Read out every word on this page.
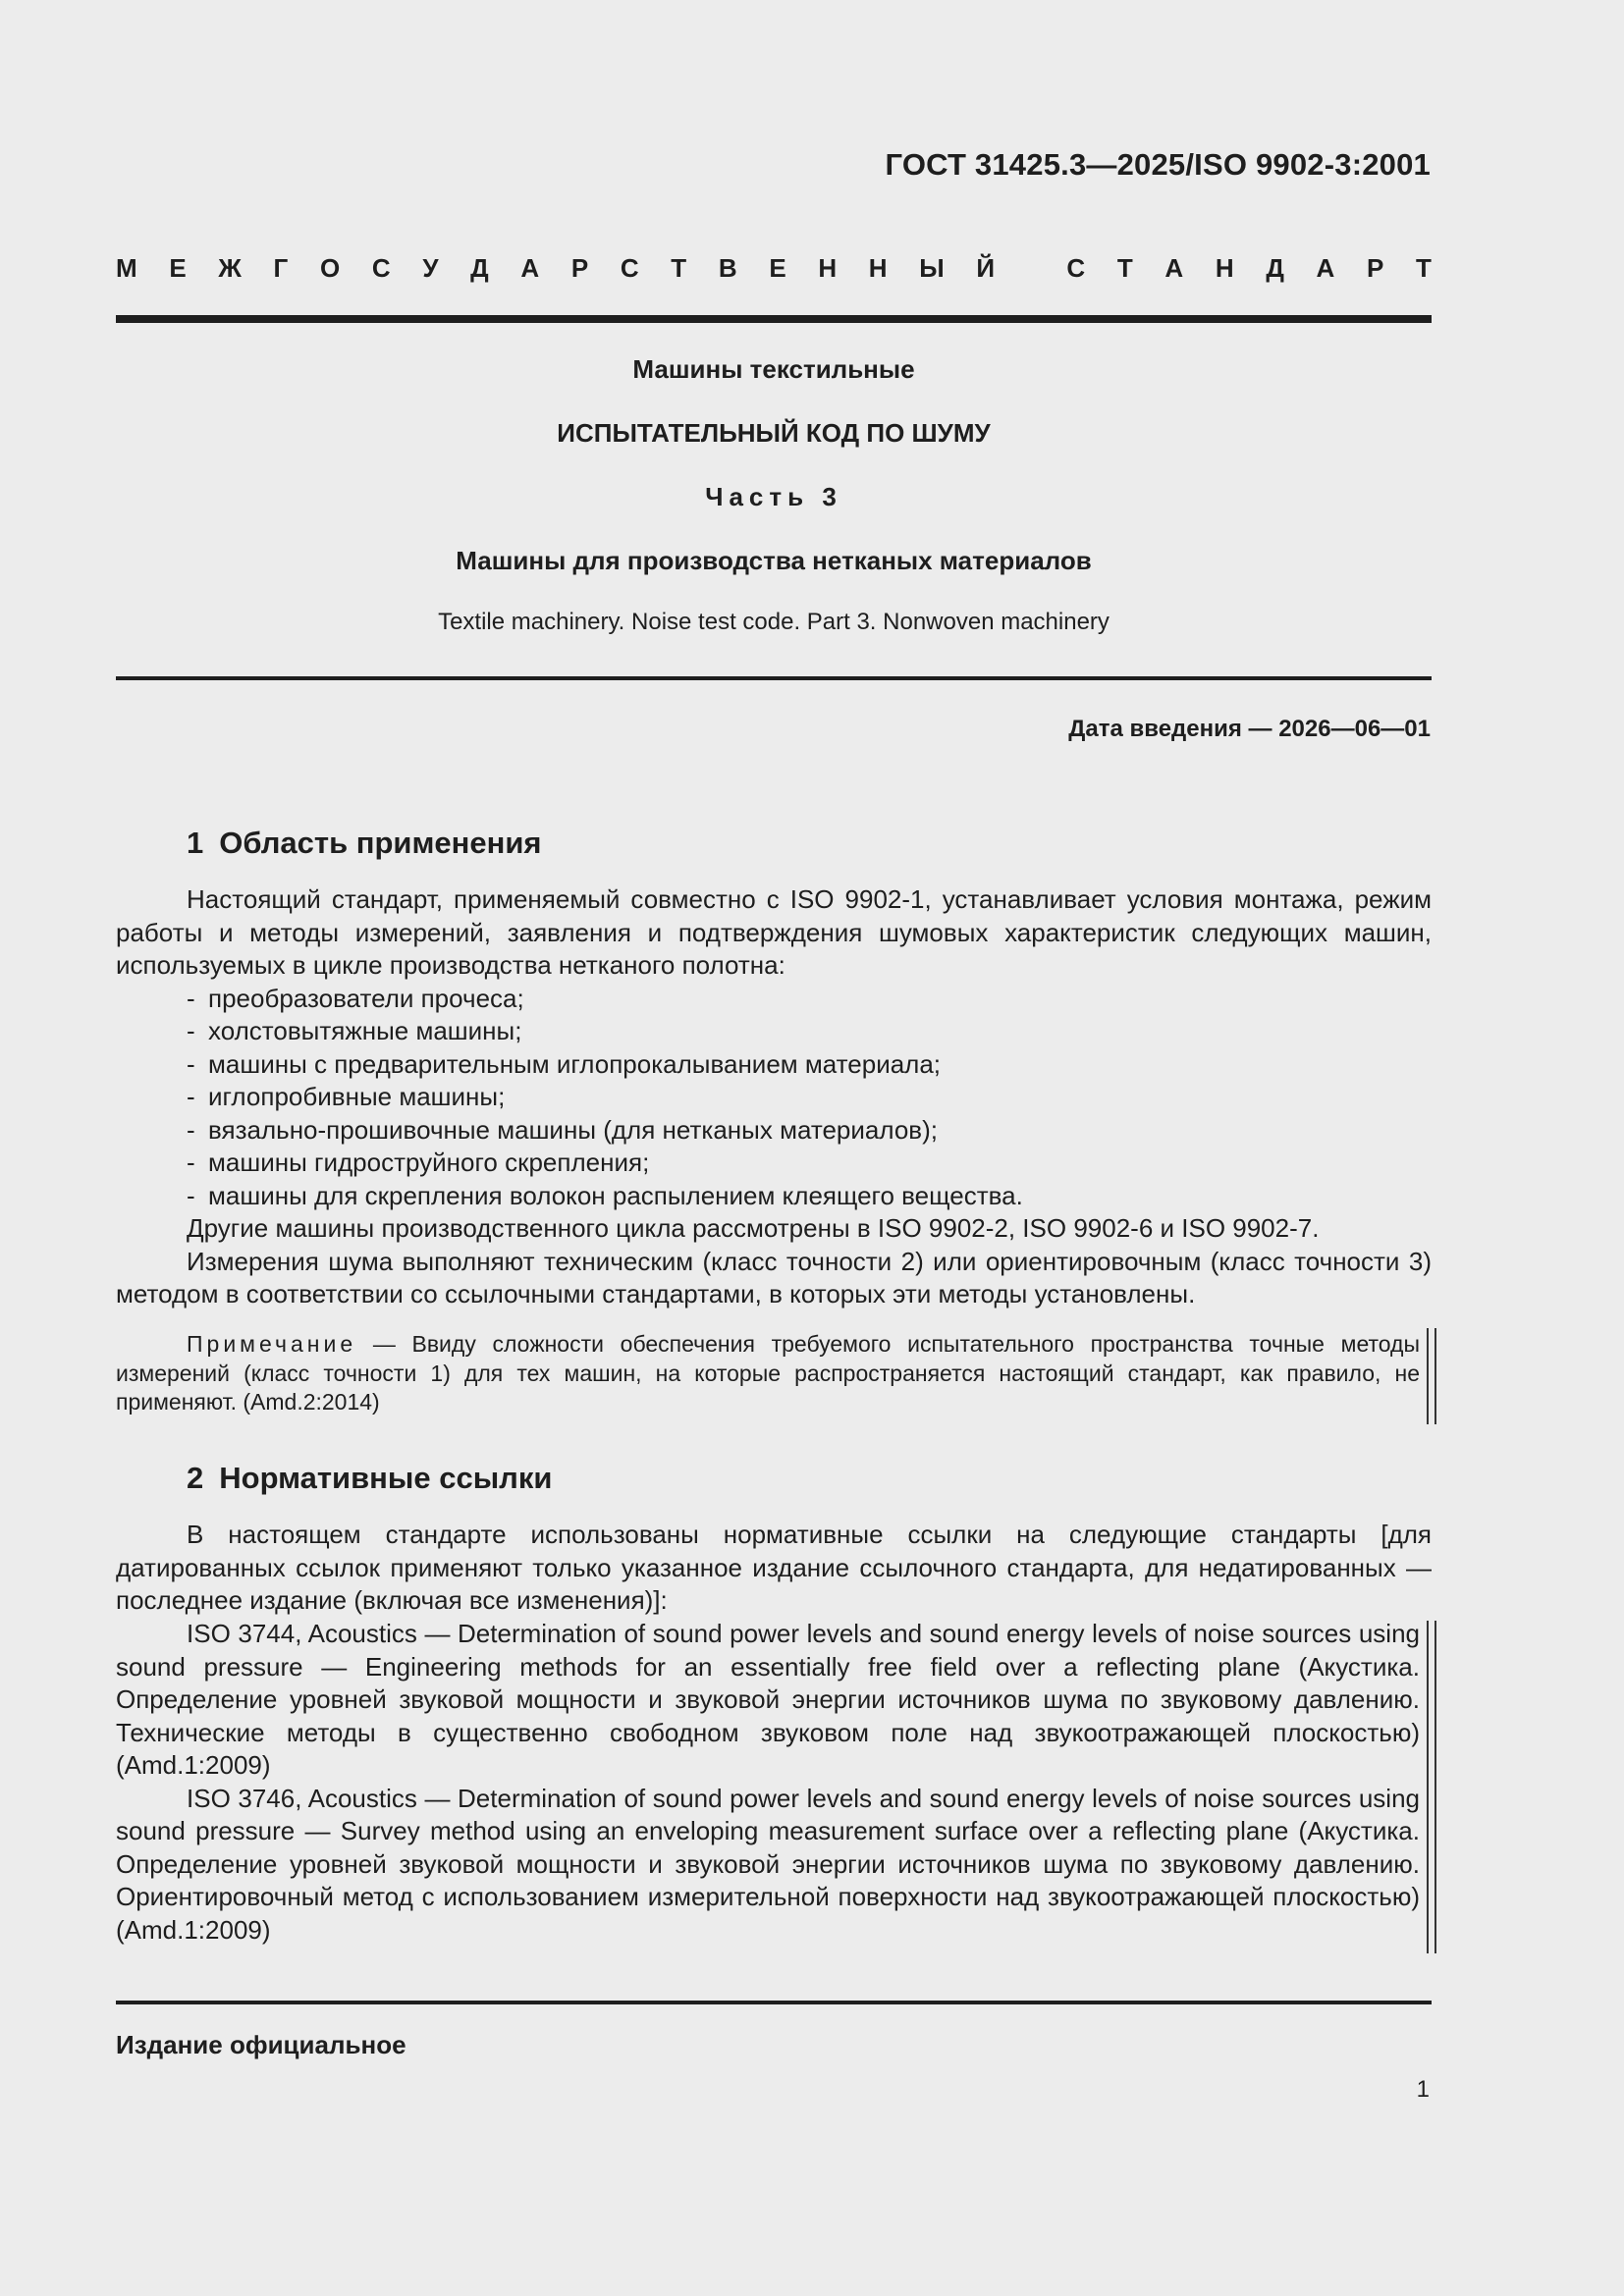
ГОСТ 31425.3—2025/ISO 9902-3:2001
М Е Ж Г О С У Д А Р С Т В Е Н Н Ы Й	С Т А Н Д А Р Т
Машины текстильные
ИСПЫТАТЕЛЬНЫЙ КОД ПО ШУМУ
Часть 3
Машины для производства нетканых материалов
Textile machinery. Noise test code. Part 3. Nonwoven machinery
Дата введения — 2026—06—01
1 Область применения

Настоящий стандарт, применяемый совместно с ISO 9902-1, устанавливает условия монтажа, режим работы и методы измерений, заявления и подтверждения шумовых характеристик следующих машин, используемых в цикле производства нетканого полотна:

- преобразователи прочеса;
- холстовытяжные машины;
- машины с предварительным иглопрокалыванием материала;
- иглопробивные машины;
- вязально-прошивочные машины (для нетканых материалов);
- машины гидроструйного скрепления;
- машины для скрепления волокон распылением клеящего вещества.

Другие машины производственного цикла рассмотрены в ISO 9902-2, ISO 9902-6 и ISO 9902-7.

Измерения шума выполняют техническим (класс точности 2) или ориентировочным (класс точности 3) методом в соответствии со ссылочными стандартами, в которых эти методы установлены.

Примечание — Ввиду сложности обеспечения требуемого испытательного пространства точные методы измерений (класс точности 1) для тех машин, на которые распространяется настоящий стандарт, как правило, не применяют. (Amd.2:2014)

2 Нормативные ссылки

В настоящем стандарте использованы нормативные ссылки на следующие стандарты [для датированных ссылок применяют только указанное издание ссылочного стандарта, для недатированных — последнее издание (включая все изменения)]:

ISO 3744, Acoustics — Determination of sound power levels and sound energy levels of noise sources using sound pressure — Engineering methods for an essentially free field over a reflecting plane (Акустика. Определение уровней звуковой мощности и звуковой энергии источников шума по звуковому давлению. Технические методы в существенно свободном звуковом поле над звукоотражающей плоскостью) (Amd.1:2009)

ISO 3746, Acoustics — Determination of sound power levels and sound energy levels of noise sources using sound pressure — Survey method using an enveloping measurement surface over a reflecting plane (Акустика. Определение уровней звуковой мощности и звуковой энергии источников шума по звуковому давлению. Ориентировочный метод с использованием измерительной поверхности над звукоотражающей плоскостью) (Amd.1:2009)

Издание официальное
1
